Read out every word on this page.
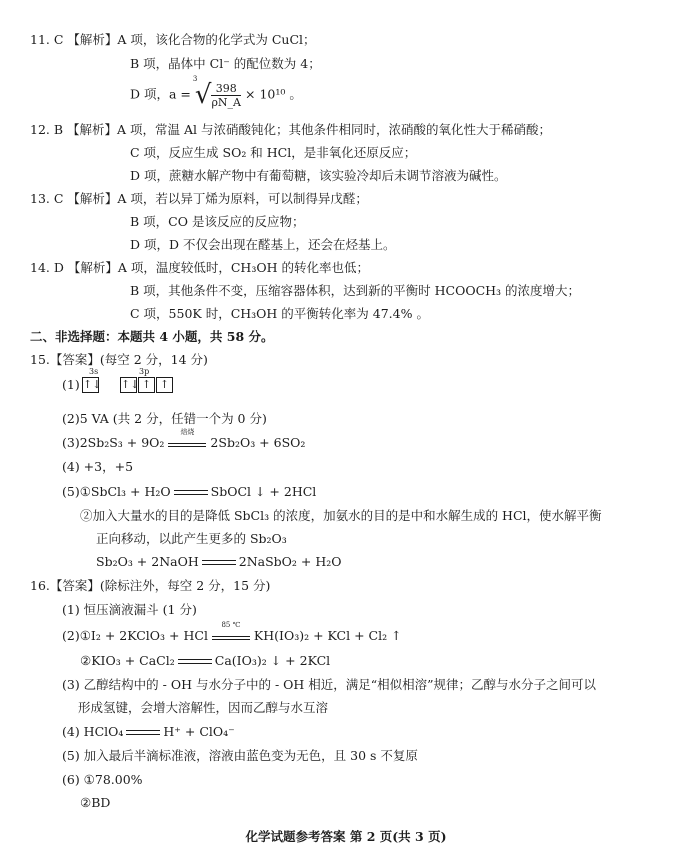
11. C 【解析】A 项，该化合物的化学式为 CuCl；
B 项，晶体中 Cl⁻ 的配位数为 4；
D 项，a =
3
√ $\frac{398}{\rho N\_A} \times 10^{10}$ 。
12. B 【解析】A 项，常温 Al 与浓硝酸钝化；其他条件相同时，浓硝酸的氧化性大于稀硝酸；
C 项，反应生成 SO₂ 和 HCl，是非氧化还原反应；
D 项，蔗糖水解产物中有葡萄糖，该实验冷却后未调节溶液为碱性。
13. C 【解析】A 项，若以异丁烯为原料，可以制得异戊醛；
B 项，CO 是该反应的反应物；
D 项，D 不仅会出现在醛基上，还会在烃基上。
14. D 【解析】A 项，温度较低时，CH₃OH 的转化率也低；
B 项，其他条件不变，压缩容器体积，达到新的平衡时 HCOOCH₃ 的浓度增大；
C 项，550K 时，CH₃OH 的平衡转化率为 47.4% 。
二、非选择题：本题共 4 小题，共 58 分。
15.【答案】(每空 2 分，14 分)
(1)
3s	3p
↑↓ ↑↓ ↑ ↑
(2)5 VA (共 2 分，任错一个为 0 分)
(3)2Sb₂S₃ + 9O₂
焙烧
2Sb₂O₃ + 6SO₂
(4) +3，+5
(5)①SbCl₃ + H₂O	SbOCl ↓ + 2HCl
②加入大量水的目的是降低 SbCl₃ 的浓度，加氨水的目的是中和水解生成的 HCl，使水解平衡
正向移动，以此产生更多的 Sb₂O₃
Sb₂O₃ + 2NaOH	2NaSbO₂ + H₂O
16.【答案】(除标注外，每空 2 分，15 分)
(1) 恒压滴液漏斗 (1 分)
(2)①I₂ + 2KClO₃ + HCl
85 ℃
KH(IO₃)₂ + KCl + Cl₂ ↑
②KIO₃ + CaCl₂	Ca(IO₃)₂ ↓ + 2KCl
(3) 乙醇结构中的 - OH 与水分子中的 - OH 相近，满足“相似相溶”规律；乙醇与水分子之间可以
形成氢键，会增大溶解性，因而乙醇与水互溶
(4) HClO₄	H⁺ + ClO₄⁻
(5) 加入最后半滴标准液，溶液由蓝色变为无色，且 30 s 不复原
(6) ①78.00%
②BD
化学试题参考答案 第 2 页(共 3 页)
